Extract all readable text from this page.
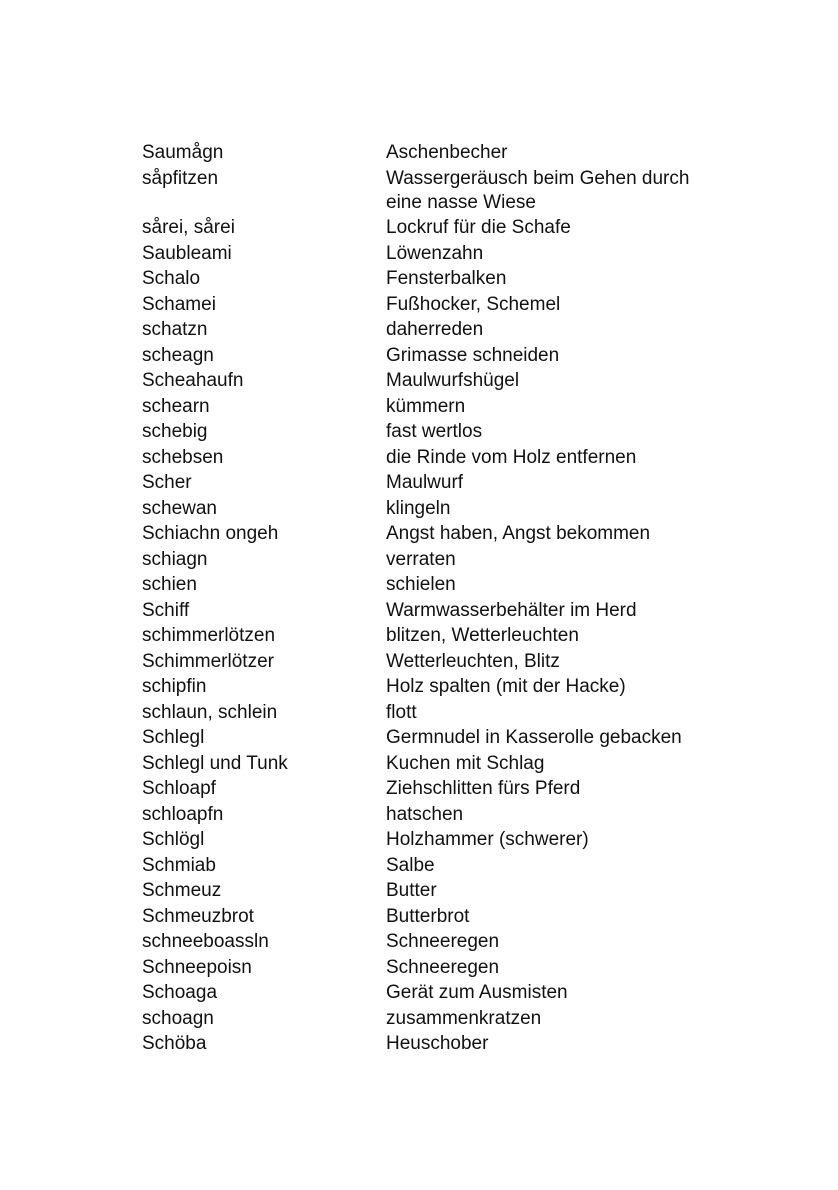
Saumågn	Aschenbecher
såpfitzen	Wassergeräusch beim Gehen durch eine nasse Wiese
sårei, sårei	Lockruf für die Schafe
Saubleami	Löwenzahn
Schalo	Fensterbalken
Schamei	Fußhocker, Schemel
schatzn	daherreden
scheagn	Grimasse schneiden
Scheahaufn	Maulwurfshügel
schearn	kümmern
schebig	fast wertlos
schebsen	die Rinde vom Holz entfernen
Scher	Maulwurf
schewan	klingeln
Schiachn ongeh	Angst haben, Angst bekommen
schiagn	verraten
schien	schielen
Schiff	Warmwasserbehälter im Herd
schimmerlötzen	blitzen, Wetterleuchten
Schimmerlötzer	Wetterleuchten, Blitz
schipfin	Holz spalten (mit der Hacke)
schlaun, schlein	flott
Schlegl	Germnudel in Kasserolle gebacken
Schlegl und Tunk	Kuchen mit Schlag
Schloapf	Ziehschlitten fürs Pferd
schloapfn	hatschen
Schlögl	Holzhammer (schwerer)
Schmiab	Salbe
Schmeuz	Butter
Schmeuzbrot	Butterbrot
schneeboassln	Schneeregen
Schneepoisn	Schneeregen
Schoaga	Gerät zum Ausmisten
schoagn	zusammenkratzen
Schöba	Heuschober
